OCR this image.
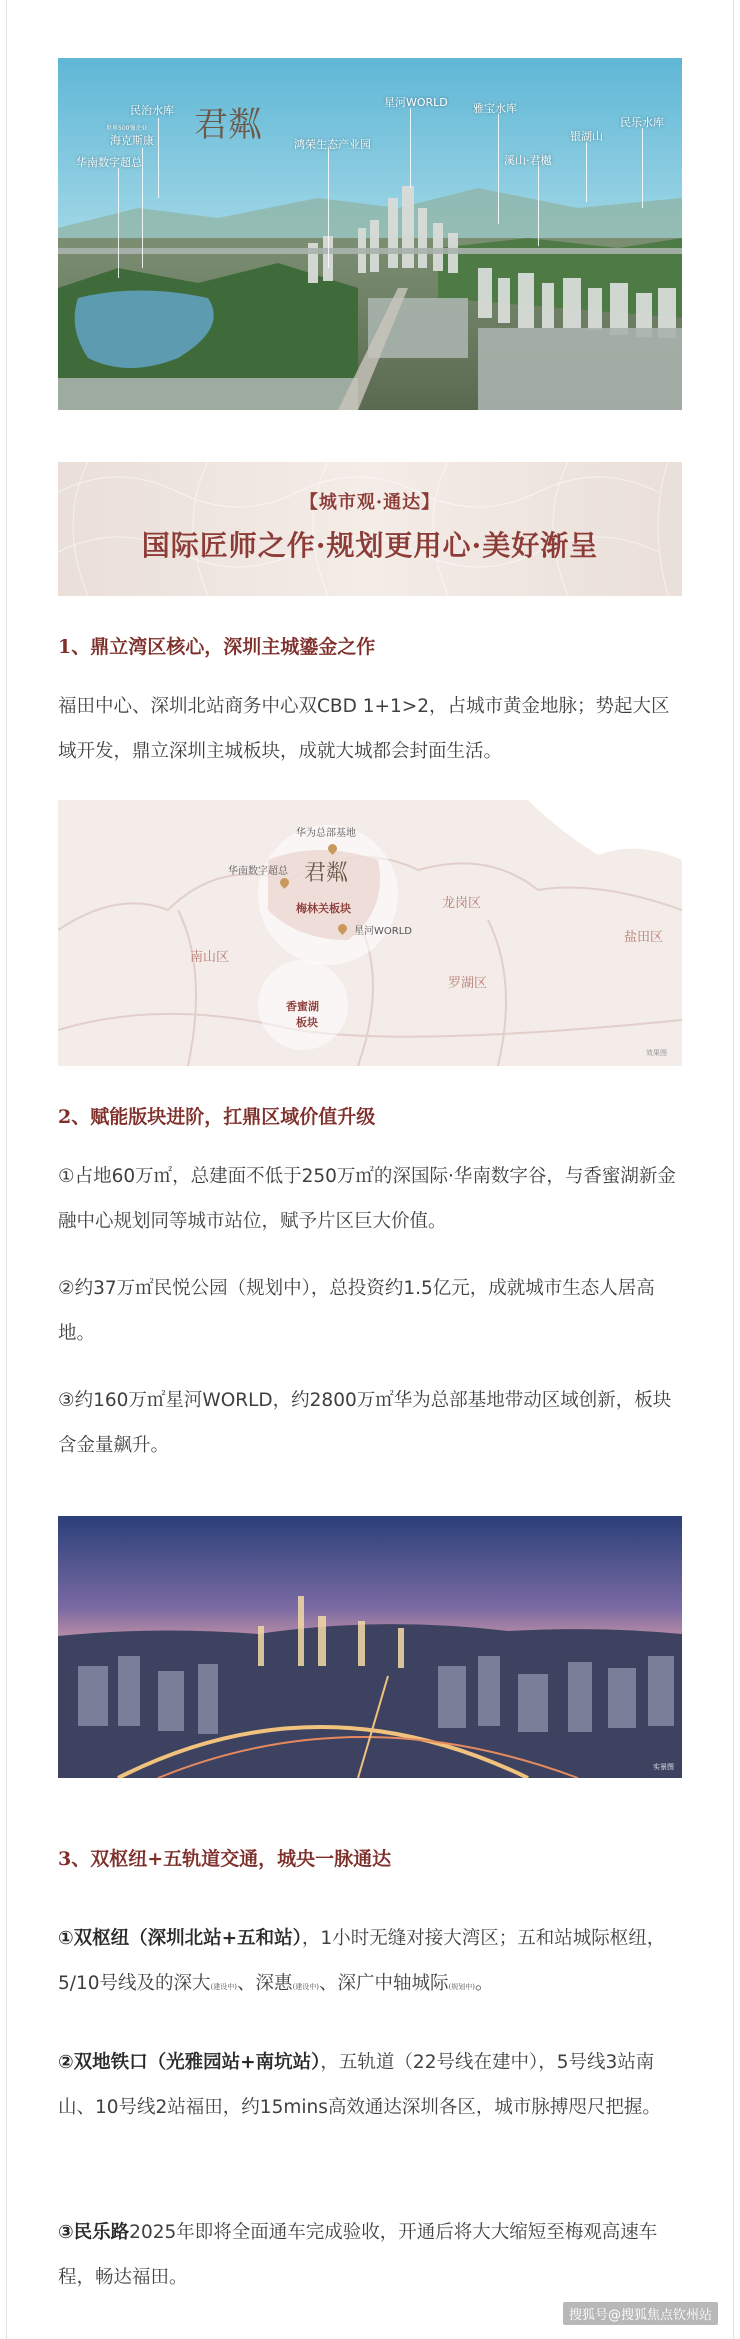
民治水库
世界500强企业
海克斯康
华南数字超总
君粼	鸿荣生态产业园
星河WORLD 雅宝水库
溪山·君樾
银湖山
民乐水库
【城市观·通达】
国际匠师之作·规划更用心·美好渐呈
1、鼎立湾区核心，深圳主城鎏金之作
福田中心、深圳北站商务中心双CBD 1+1>2，占城市黄金地脉；势起大区域开发，鼎立深圳主城板块，成就大城都会封面生活。
南山区
龙岗区
罗湖区
盐田区
华为总部基地
华南数字超总 君粼
梅林关板块
星河WORLD
香蜜湖
板块
效果图
2、赋能版块进阶，扛鼎区域价值升级
①占地60万㎡，总建面不低于250万㎡的深国际·华南数字谷，与香蜜湖新金融中心规划同等城市站位，赋予片区巨大价值。
②约37万㎡民悦公园（规划中），总投资约1.5亿元，成就城市生态人居高地。
③约160万㎡星河WORLD，约2800万㎡华为总部基地带动区域创新，板块含金量飙升。
实景图
3、双枢纽+五轨道交通，城央一脉通达
①双枢纽（深圳北站+五和站），1小时无缝对接大湾区；五和站城际枢纽，5/10号线及的深大(建设中)、深惠(建设中)、深广中轴城际(规划中)。
②双地铁口（光雅园站+南坑站），五轨道（22号线在建中），5号线3站南山、10号线2站福田，约15mins高效通达深圳各区，城市脉搏咫尺把握。
③民乐路2025年即将全面通车完成验收，开通后将大大缩短至梅观高速车程，畅达福田。
搜狐号@搜狐焦点钦州站
